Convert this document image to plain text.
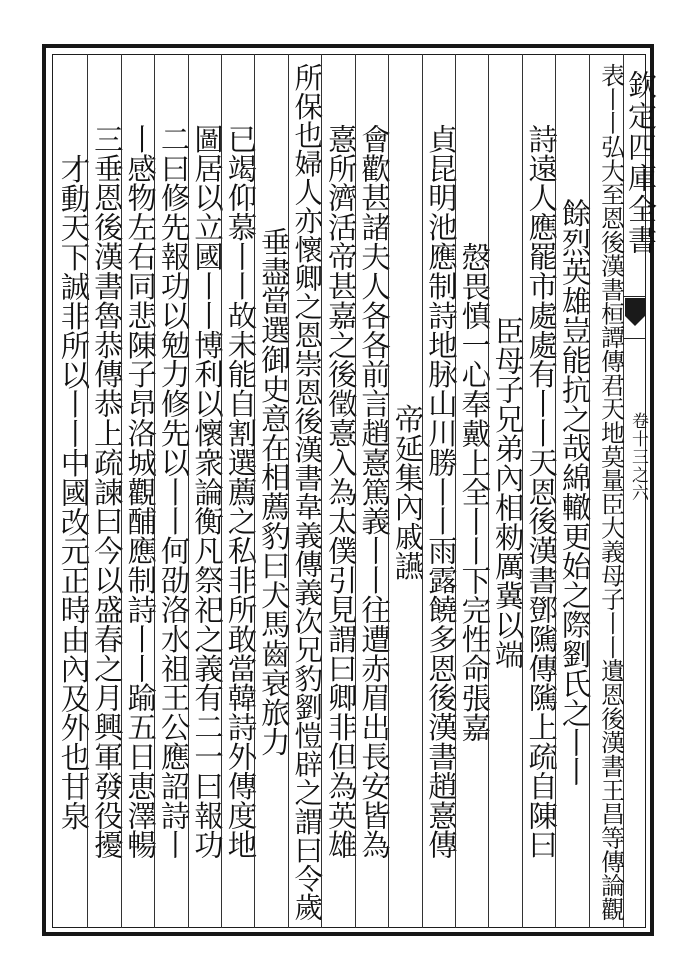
欽定四庫全書
卷十三之六
表丨丨弘大至恩後漢書桓譚傳君天地莫量臣大義母子丨丨遺恩後漢書王昌等傳論觀
餘烈英雄豈能抗之哉綿轍更始之際劉氏之丨丨
詩遠人應罷市處處有丨丨天恩後漢書鄧隲傳隲上疏自陳曰
臣母子兄弟內相勑厲冀以端
慤畏慎一心奉戴上全丨丨下完性命張嘉
貞昆明池應制詩地脉山川勝丨丨雨露饒多恩後漢書趙憙傳
帝延集內戚讌
會歡甚諸夫人各各前言趙憙篤義丨丨往遭赤眉出長安皆為
憙所濟活帝甚嘉之後徵憙入為太僕引見謂曰卿非但為英雄
所保也婦人亦懷卿之恩崇恩後漢書韋義傳義次兄豹劉愷辟之謂曰令歲
垂盡當選御史意在相薦豹曰犬馬齒衰旅力
已竭仰慕丨丨故未能自割選薦之私非所敢當韓詩外傳度地
圖居以立國丨丨博利以懷衆論衡凡祭祀之義有二一曰報功
二曰修先報功以勉力修先以丨丨何劭洛水祖王公應詔詩丨
丨感物左右同悲陳子昂洛城觀酺應制詩丨丨踰五日恵澤暢
三垂恩後漢書魯恭傳恭上疏諫曰今以盛春之月興軍發役擾
才動天下誠非所以丨丨中國改元正時由內及外也甘泉
